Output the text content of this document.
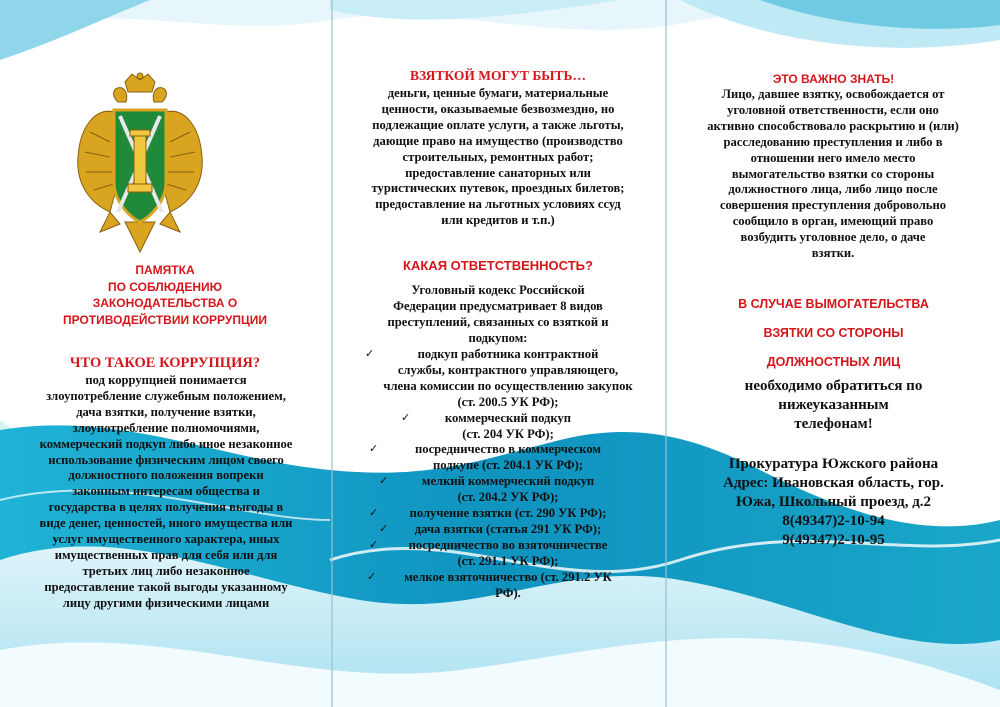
ПАМЯТКА
ПО СОБЛЮДЕНИЮ
ЗАКОНОДАТЕЛЬСТВА О
ПРОТИВОДЕЙСТВИИ КОРРУПЦИИ
ЧТО ТАКОЕ КОРРУПЦИЯ?
под коррупцией понимается
злоупотребление служебным положением,
дача взятки, получение взятки,
злоупотребление полномочиями,
коммерческий подкуп либо иное незаконное
использование физическим лицом своего
должностного положения вопреки
законным интересам общества и
государства в целях получения выгоды в
виде денег, ценностей, иного имущества или
услуг имущественного характера, иных
имущественных прав для себя или для
третьих лиц либо незаконное
предоставление такой выгоды указанному
лицу другими физическими лицами
ВЗЯТКОЙ МОГУТ БЫТЬ…
деньги, ценные бумаги, материальные
ценности, оказываемые безвозмездно, но
подлежащие оплате услуги, а также льготы,
дающие право на имущество (производство
строительных, ремонтных работ;
предоставление санаторных или
туристических путевок, проездных билетов;
предоставление на льготных условиях ссуд
или кредитов и т.п.)
КАКАЯ ОТВЕТСТВЕННОСТЬ?
Уголовный кодекс Российской
Федерации предусматривает 8 видов
преступлений, связанных со взяткой и
подкупом:
✓	подкуп работника контрактной
службы, контрактного управляющего,
члена комиссии по осуществлению закупок
(ст. 200.5 УК РФ);
✓	коммерческий подкуп
(ст. 204 УК РФ);
✓	посредничество в коммерческом
подкупе (ст. 204.1 УК РФ);
✓	мелкий коммерческий подкуп
(ст. 204.2 УК РФ);
✓	получение взятки (ст. 290 УК РФ);
✓	дача взятки (статья 291 УК РФ);
✓	посредничество во взяточничестве
(ст. 291.1 УК РФ);
✓	мелкое взяточничество (ст. 291.2 УК
РФ).
ЭТО ВАЖНО ЗНАТЬ!
Лицо, давшее взятку, освобождается от
уголовной ответственности, если оно
активно способствовало раскрытию и (или)
расследованию преступления и либо в
отношении него имело место
вымогательство взятки со стороны
должностного лица, либо лицо после
совершения преступления добровольно
сообщило в орган, имеющий право
возбудить уголовное дело, о даче
взятки.
В СЛУЧАЕ ВЫМОГАТЕЛЬСТВА
ВЗЯТКИ СО СТОРОНЫ
ДОЛЖНОСТНЫХ ЛИЦ
необходимо обратиться по
нижеуказанным
телефонам!
Прокуратура Южского района
Адрес: Ивановская область, гор.
Южа, Школьный проезд, д.2
8(49347)2-10-94
9(49347)2-10-95
